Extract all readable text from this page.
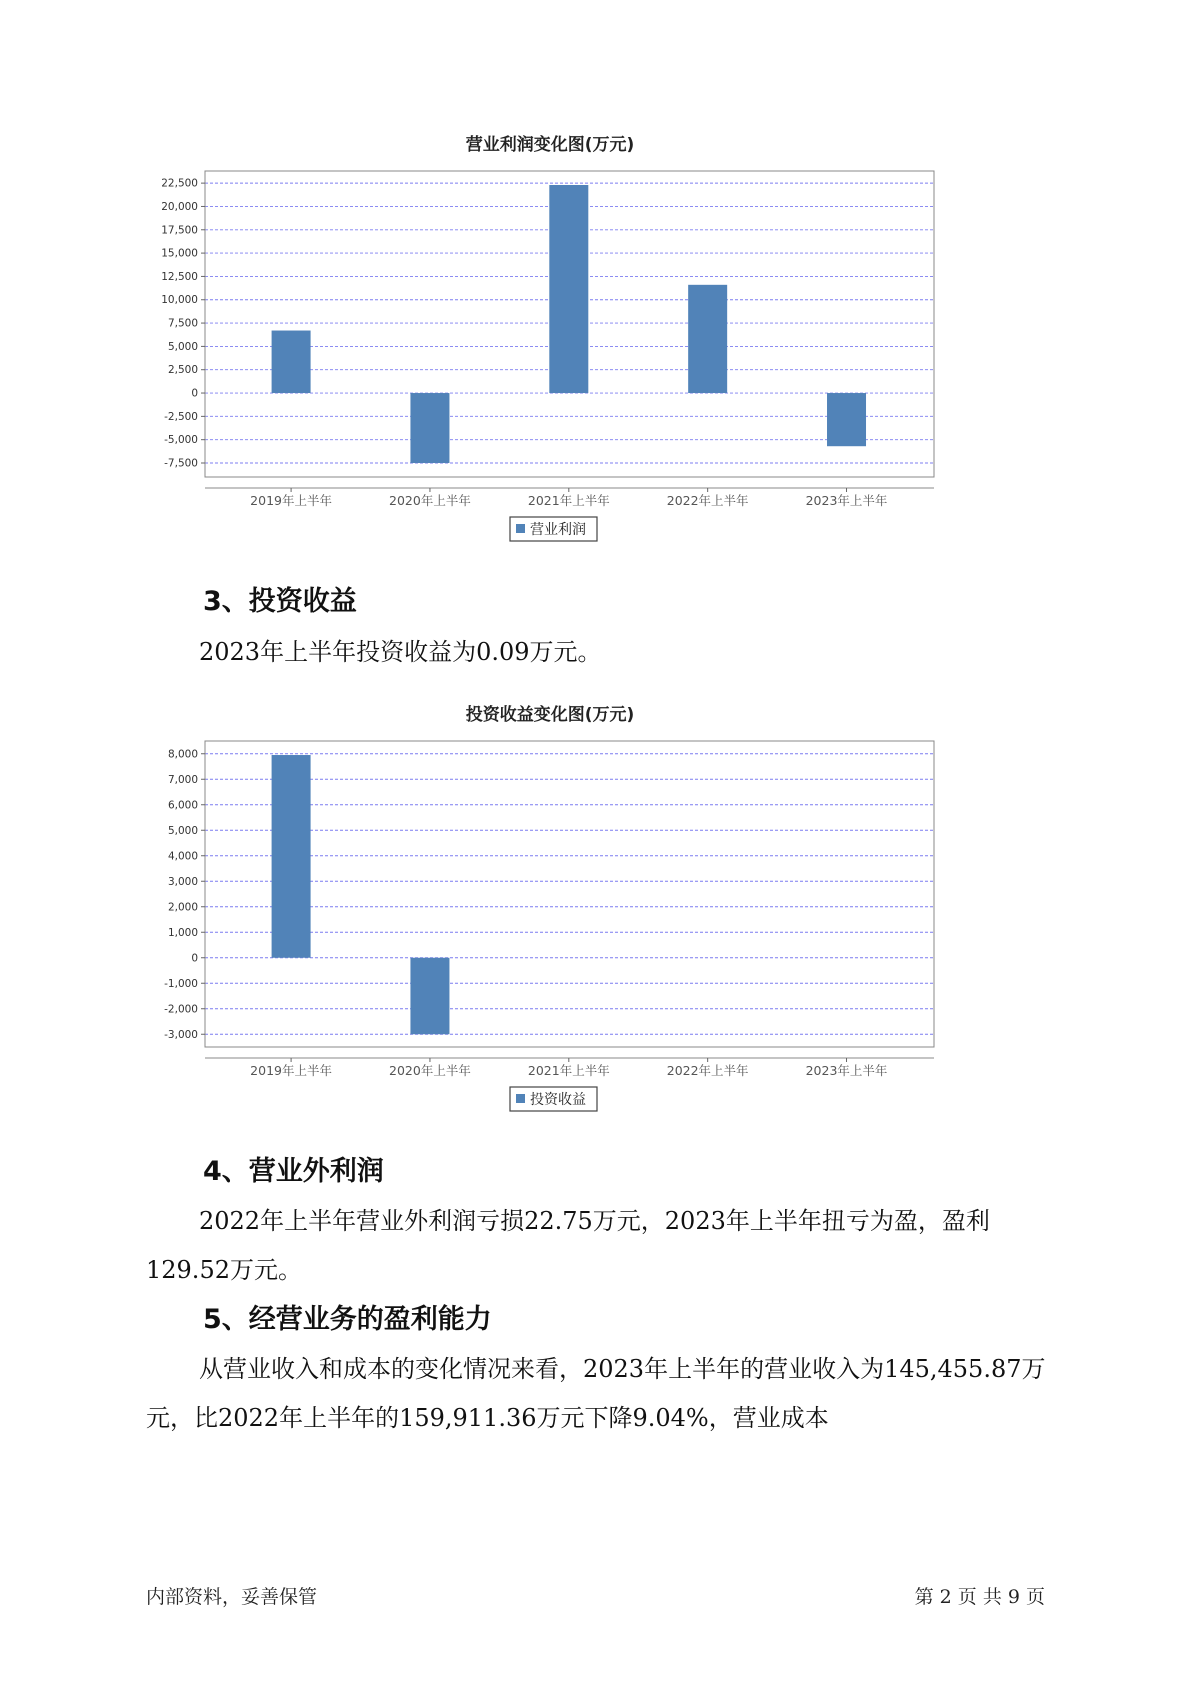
营业利润变化图(万元)
22,500
20,000
17,500
15,000
12,500
10,000
7,500
5,000
2,500
0
-2,500
-5,000
-7,500
2019年上半年	2020年上半年	2021年上半年	2022年上半年	2023年上半年
营业利润
3、投资收益

2023年上半年投资收益为0.09万元。

投资收益变化图(万元)
8,000
7,000
6,000
5,000
4,000
3,000
2,000
1,000
0
-1,000
-2,000
-3,000
2019年上半年	2020年上半年	2021年上半年	2022年上半年	2023年上半年
投资收益
4、营业外利润

2022年上半年营业外利润亏损22.75万元，2023年上半年扭亏为盈，盈利129.52万元。

5、经营业务的盈利能力

从营业收入和成本的变化情况来看，2023年上半年的营业收入为145,455.87万元，比2022年上半年的159,911.36万元下降9.04%，营业成本

内部资料，妥善保管	第 2 页 共 9 页
